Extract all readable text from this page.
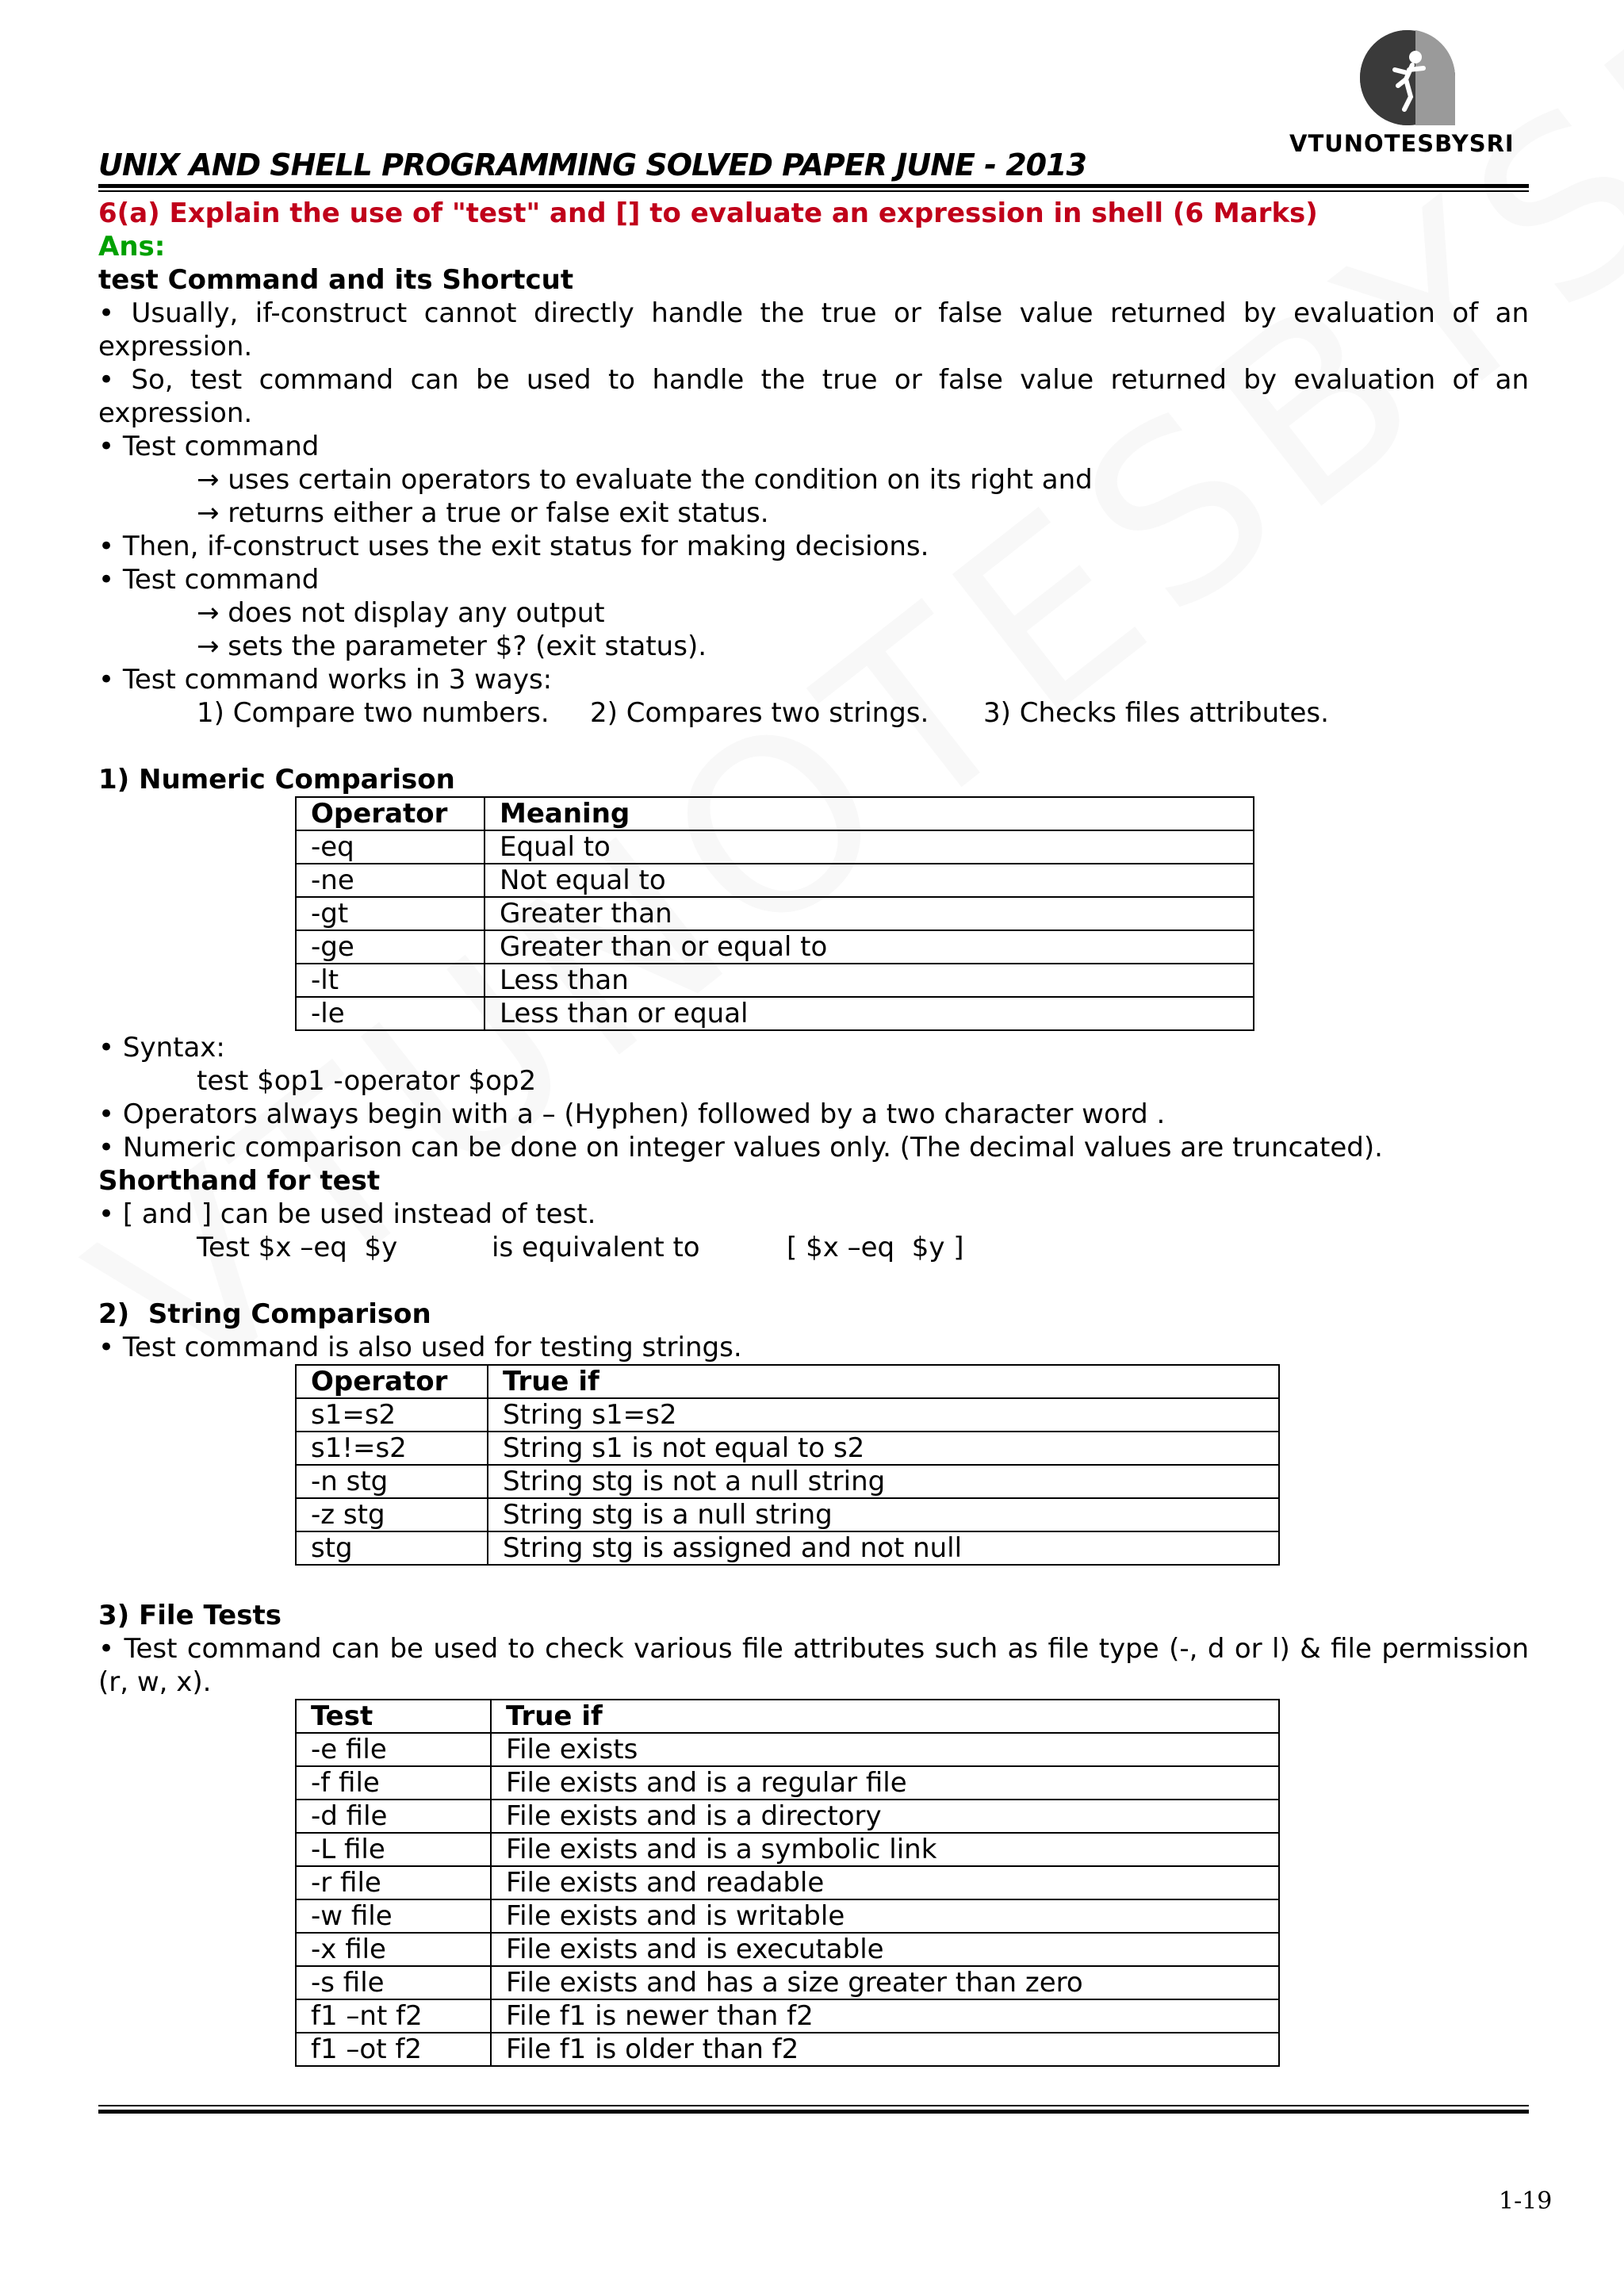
VTUNOTESBYSRI
UNIX AND SHELL PROGRAMMING SOLVED PAPER JUNE - 2013
6(a) Explain the use of "test" and [] to evaluate an expression in shell (6 Marks)
Ans:
test Command and its Shortcut
• Usually, if-construct cannot directly handle the true or false value returned by evaluation of an expression.
• So, test command can be used to handle the true or false value returned by evaluation of an expression.
• Test command
→ uses certain operators to evaluate the condition on its right and
→ returns either a true or false exit status.
• Then, if-construct uses the exit status for making decisions.
• Test command
→ does not display any output
→ sets the parameter $? (exit status).
• Test command works in 3 ways:
1) Compare two numbers.	2) Compares two strings.	3) Checks files attributes.
1) Numeric Comparison
Operator	Meaning
-eq	Equal to
-ne	Not equal to
-gt	Greater than
-ge	Greater than or equal to
-lt	Less than
-le	Less than or equal
• Syntax:
test $op1 -operator $op2
• Operators always begin with a – (Hyphen) followed by a two character word .
• Numeric comparison can be done on integer values only. (The decimal values are truncated).
Shorthand for test
• [ and ] can be used instead of test.
Test $x –eq  $y	is equivalent to	[ $x –eq  $y ]
2)  String Comparison
• Test command is also used for testing strings.
Operator	True if
s1=s2	String s1=s2
s1!=s2	String s1 is not equal to s2
-n stg	String stg is not a null string
-z stg	String stg is a null string
stg	String stg is assigned and not null
3) File Tests
• Test command can be used to check various file attributes such as file type (-, d or l) & file permission (r, w, x).
Test	True if
-e file	File exists
-f file	File exists and is a regular file
-d file	File exists and is a directory
-L file	File exists and is a symbolic link
-r file	File exists and readable
-w file	File exists and is writable
-x file	File exists and is executable
-s file	File exists and has a size greater than zero
f1 –nt f2	File f1 is newer than f2
f1 –ot f2	File f1 is older than f2
1-19
